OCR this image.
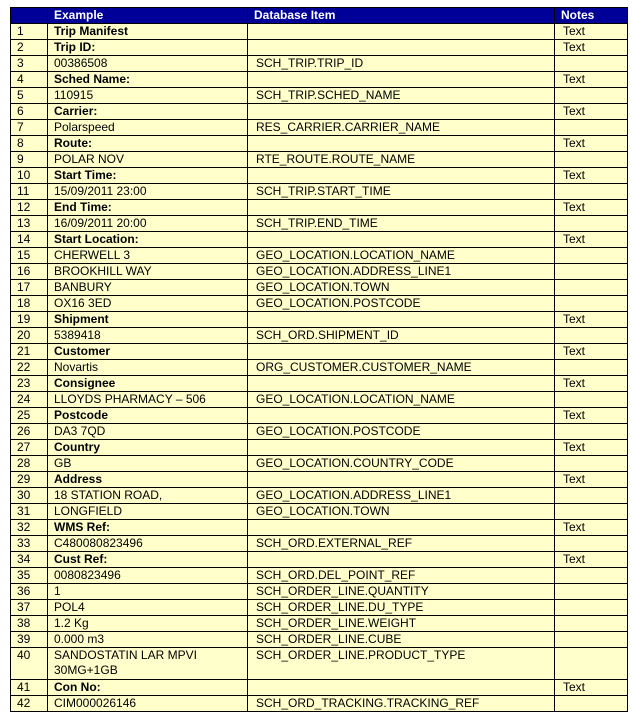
	Example	Database Item	Notes
1	Trip Manifest		Text
2	Trip ID:		Text
3	00386508	SCH_TRIP.TRIP_ID	
4	Sched Name:		Text
5	110915	SCH_TRIP.SCHED_NAME	
6	Carrier:		Text
7	Polarspeed	RES_CARRIER.CARRIER_NAME	
8	Route:		Text
9	POLAR NOV	RTE_ROUTE.ROUTE_NAME	
10	Start Time:		Text
11	15/09/2011 23:00	SCH_TRIP.START_TIME	
12	End Time:		Text
13	16/09/2011 20:00	SCH_TRIP.END_TIME	
14	Start Location:		Text
15	CHERWELL 3	GEO_LOCATION.LOCATION_NAME	
16	BROOKHILL WAY	GEO_LOCATION.ADDRESS_LINE1	
17	BANBURY	GEO_LOCATION.TOWN	
18	OX16 3ED	GEO_LOCATION.POSTCODE	
19	Shipment		Text
20	5389418	SCH_ORD.SHIPMENT_ID	
21	Customer		Text
22	Novartis	ORG_CUSTOMER.CUSTOMER_NAME	
23	Consignee		Text
24	LLOYDS PHARMACY – 506	GEO_LOCATION.LOCATION_NAME	
25	Postcode		Text
26	DA3 7QD	GEO_LOCATION.POSTCODE	
27	Country		Text
28	GB	GEO_LOCATION.COUNTRY_CODE	
29	Address		Text
30	18 STATION ROAD,	GEO_LOCATION.ADDRESS_LINE1	
31	LONGFIELD	GEO_LOCATION.TOWN	
32	WMS Ref:		Text
33	C480080823496	SCH_ORD.EXTERNAL_REF	
34	Cust Ref:		Text
35	0080823496	SCH_ORD.DEL_POINT_REF	
36	1	SCH_ORDER_LINE.QUANTITY	
37	POL4	SCH_ORDER_LINE.DU_TYPE	
38	1.2 Kg	SCH_ORDER_LINE.WEIGHT	
39	0.000 m3	SCH_ORDER_LINE.CUBE	
40	SANDOSTATIN LAR MPVI 30MG+1GB	SCH_ORDER_LINE.PRODUCT_TYPE	
41	Con No:		Text
42	CIM000026146	SCH_ORD_TRACKING.TRACKING_REF	
